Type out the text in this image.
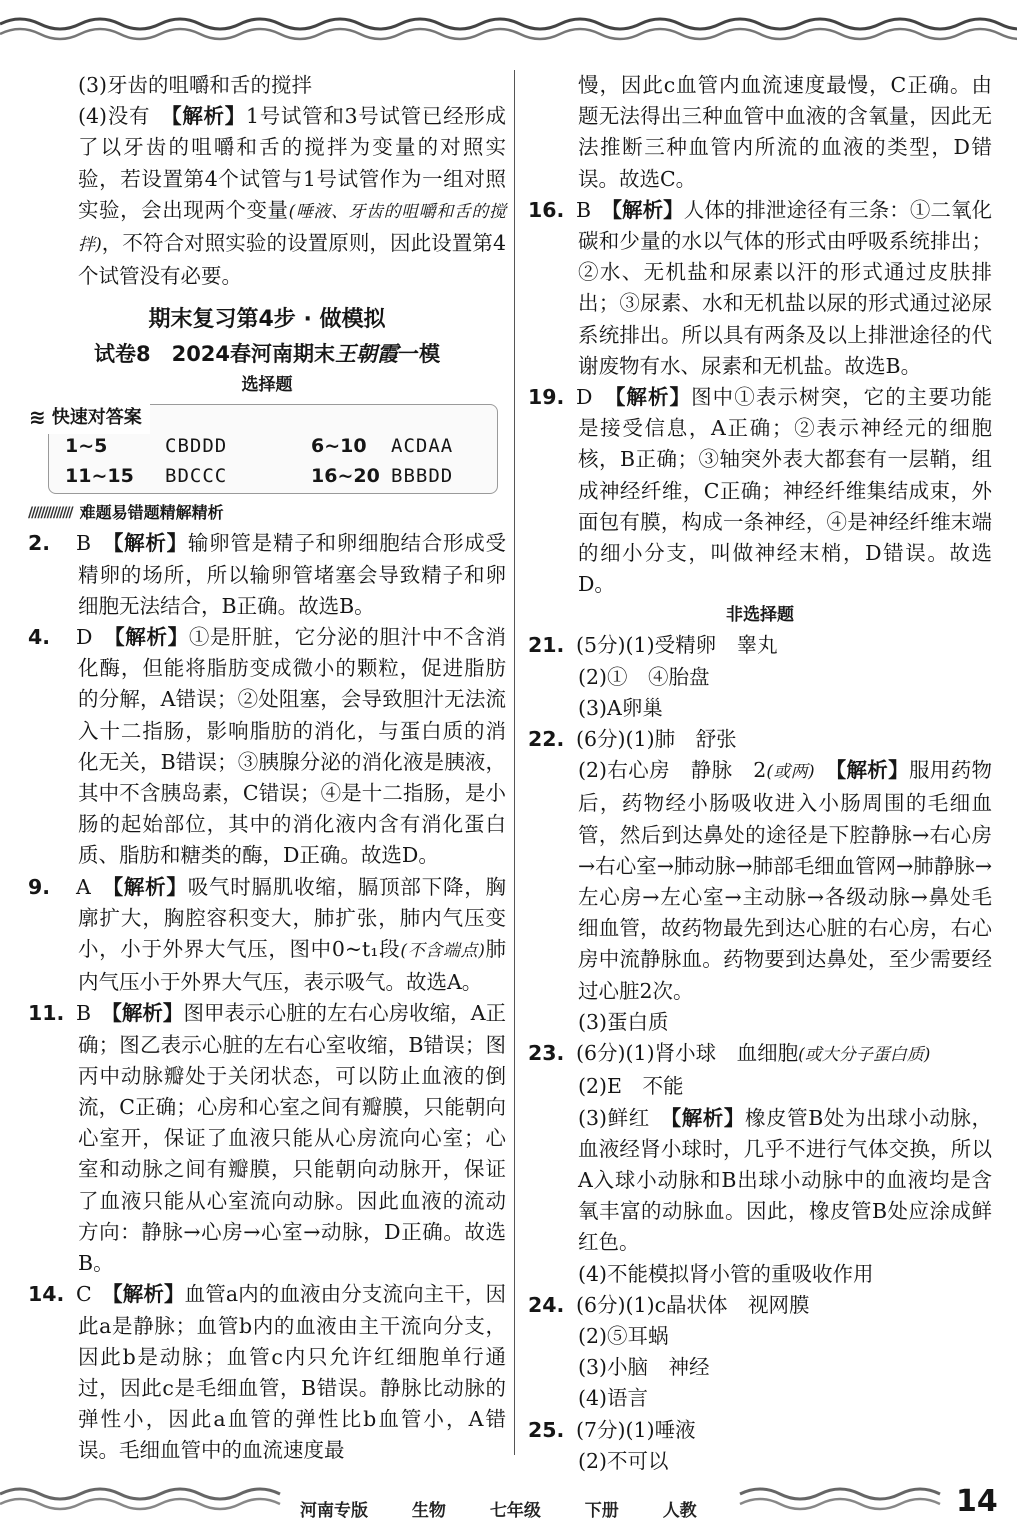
(3)牙齿的咀嚼和舌的搅拌

(4)没有　 【解析】1号试管和3号试管已经形成了以牙齿的咀嚼和舌的搅拌为变量的对照实验，若设置第4个试管与1号试管作为一组对照实验，会出现两个变量(唾液、牙齿的咀嚼和舌的搅拌)，不符合对照实验的设置原则，因此设置第4个试管没有必要。

期末复习第4步 · 做模拟
试卷8　2024春河南期末王朝霞一模
选择题
≋ 快速对答案
1~5	CBDDD	6~10 ACDAA
11~15 BDCCC	16~20 BBBDD
////////////// 难题易错题精解精析

2. B　 【解析】输卵管是精子和卵细胞结合形成受精卵的场所，所以输卵管堵塞会导致精子和卵细胞无法结合，B正确。故选B。

4. D　 【解析】①是肝脏，它分泌的胆汁中不含消化酶，但能将脂肪变成微小的颗粒，促进脂肪的分解，A错误；②处阻塞，会导致胆汁无法流入十二指肠，影响脂肪的消化，与蛋白质的消化无关，B错误；③胰腺分泌的消化液是胰液，其中不含胰岛素，C错误；④是十二指肠，是小肠的起始部位，其中的消化液内含有消化蛋白质、脂肪和糖类的酶，D正确。故选D。

9. A　 【解析】吸气时膈肌收缩，膈顶部下降，胸廓扩大，胸腔容积变大，肺扩张，肺内气压变小，小于外界大气压，图中0~t₁段(不含端点)肺内气压小于外界大气压，表示吸气。故选A。

11. B　 【解析】图甲表示心脏的左右心房收缩，A正确；图乙表示心脏的左右心室收缩，B错误；图丙中动脉瓣处于关闭状态，可以防止血液的倒流，C正确；心房和心室之间有瓣膜，只能朝向心室开，保证了血液只能从心房流向心室；心室和动脉之间有瓣膜，只能朝向动脉开，保证了血液只能从心室流向动脉。因此血液的流动方向：静脉→心房→心室→动脉，D正确。故选B。

14. C　 【解析】血管a内的血液由分支流向主干，因此a是静脉；血管b内的血液由主干流向分支，因此b是动脉；血管c内只允许红细胞单行通过，因此c是毛细血管，B错误。静脉比动脉的弹性小，因此a血管的弹性比b血管小，A错误。毛细血管中的血流速度最

慢，因此c血管内血流速度最慢，C正确。由题无法得出三种血管中血液的含氧量，因此无法推断三种血管内所流的血液的类型，D错误。故选C。

16. B　 【解析】人体的排泄途径有三条：①二氧化碳和少量的水以气体的形式由呼吸系统排出；②水、无机盐和尿素以汗的形式通过皮肤排出；③尿素、水和无机盐以尿的形式通过泌尿系统排出。所以具有两条及以上排泄途径的代谢废物有水、尿素和无机盐。故选B。

19. D　 【解析】图中①表示树突，它的主要功能是接受信息，A正确；②表示神经元的细胞核，B正确；③轴突外表大都套有一层鞘，组成神经纤维，C正确；神经纤维集结成束，外面包有膜，构成一条神经，④是神经纤维末端的细小分支，叫做神经末梢，D错误。故选D。

非选择题

21. (5分)(1)受精卵　睾丸

(2)①　④胎盘

(3)A卵巢

22. (6分)(1)肺　舒张

(2)右心房　静脉　2(或两)　 【解析】服用药物后，药物经小肠吸收进入小肠周围的毛细血管，然后到达鼻处的途径是下腔静脉→右心房→右心室→肺动脉→肺部毛细血管网→肺静脉→左心房→左心室→主动脉→各级动脉→鼻处毛细血管，故药物最先到达心脏的右心房，右心房中流静脉血。药物要到达鼻处，至少需要经过心脏2次。

(3)蛋白质

23. (6分)(1)肾小球　血细胞(或大分子蛋白质)

(2)E　不能

(3)鲜红　 【解析】橡皮管B处为出球小动脉，血液经肾小球时，几乎不进行气体交换，所以A入球小动脉和B出球小动脉中的血液均是含氧丰富的动脉血。因此，橡皮管B处应涂成鲜红色。

(4)不能模拟肾小管的重吸收作用

24. (6分)(1)c晶状体　视网膜

(2)⑤耳蜗

(3)小脑　神经

(4)语言

25. (7分)(1)唾液

(2)不可以

河南专版	生物	七年级	下册	人教	14
